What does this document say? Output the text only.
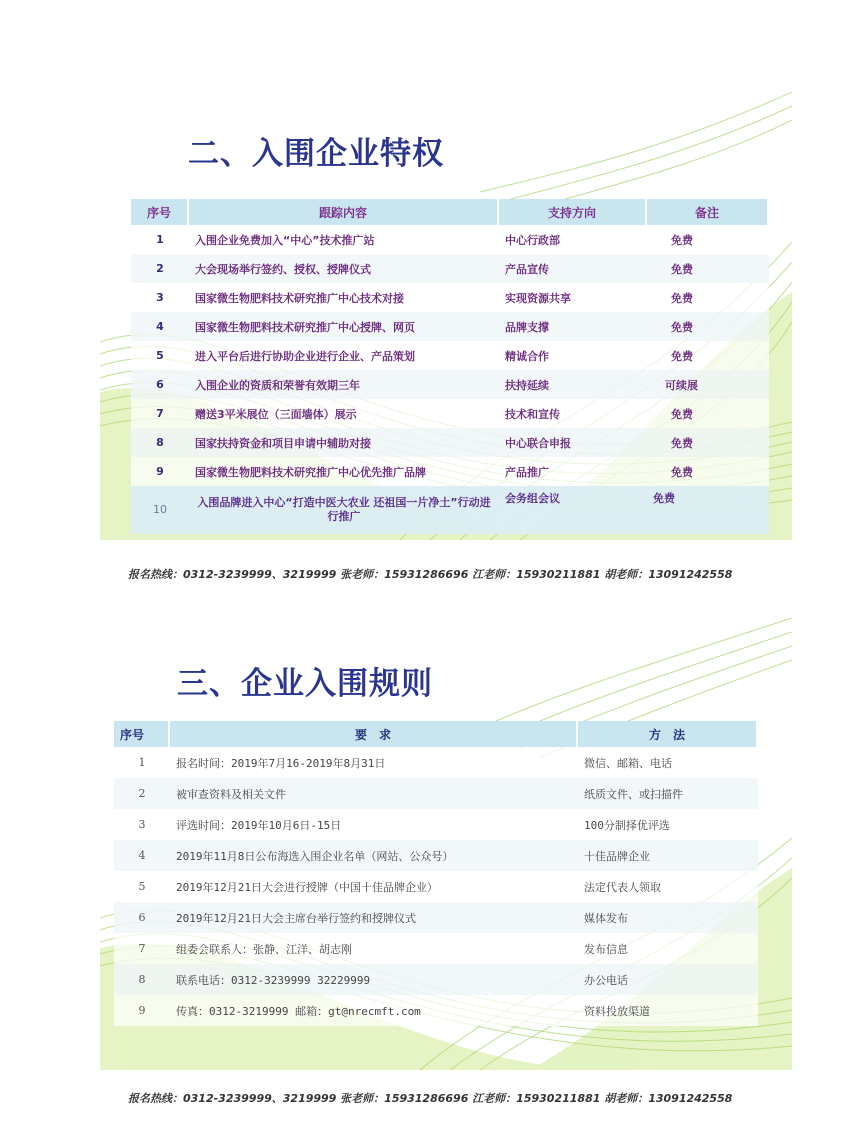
二、入围企业特权
序号	跟踪内容	支持方向	备注
1	入围企业免费加入“中心”技术推广站	中心行政部	免费
2	大会现场举行签约、授权、授牌仪式	产品宣传	免费
3	国家微生物肥料技术研究推广中心技术对接	实现资源共享	免费
4	国家微生物肥料技术研究推广中心授牌、网页	品牌支撑	免费
5	进入平台后进行协助企业进行企业、产品策划	精诚合作	免费
6	入围企业的资质和荣誉有效期三年	扶持延续	可续展
7	赠送3平米展位（三面墙体）展示	技术和宣传	免费
8	国家扶持资金和项目申请中辅助对接	中心联合申报	免费
9	国家微生物肥料技术研究推广中心优先推广品牌	产品推广	免费
10	入围品牌进入中心“打造中医大农业 还祖国一片净土”行动进行推广	会务组会议	免费
报名热线：0312-3239999、3219999 张老师：15931286696 江老师：15930211881 胡老师：13091242558
三、企业入围规则
序号	要　求	方　法
1	报名时间：2019年7月16-2019年8月31日	微信、邮箱、电话
2	被审查资料及相关文件	纸质文件、或扫描件
3	评选时间：2019年10月6日-15日	100分制择优评选
4	2019年11月8日公布海选入围企业名单（网站、公众号）	十佳品牌企业
5	2019年12月21日大会进行授牌（中国十佳品牌企业）	法定代表人领取
6	2019年12月21日大会主席台举行签约和授牌仪式	媒体发布
7	组委会联系人：张静、江洋、胡志刚	发布信息
8	联系电话：0312-3239999 32229999	办公电话
9	传真：0312-3219999 邮箱：gt@nrecmft.com	资料投放渠道
报名热线：0312-3239999、3219999 张老师：15931286696 江老师：15930211881 胡老师：13091242558
